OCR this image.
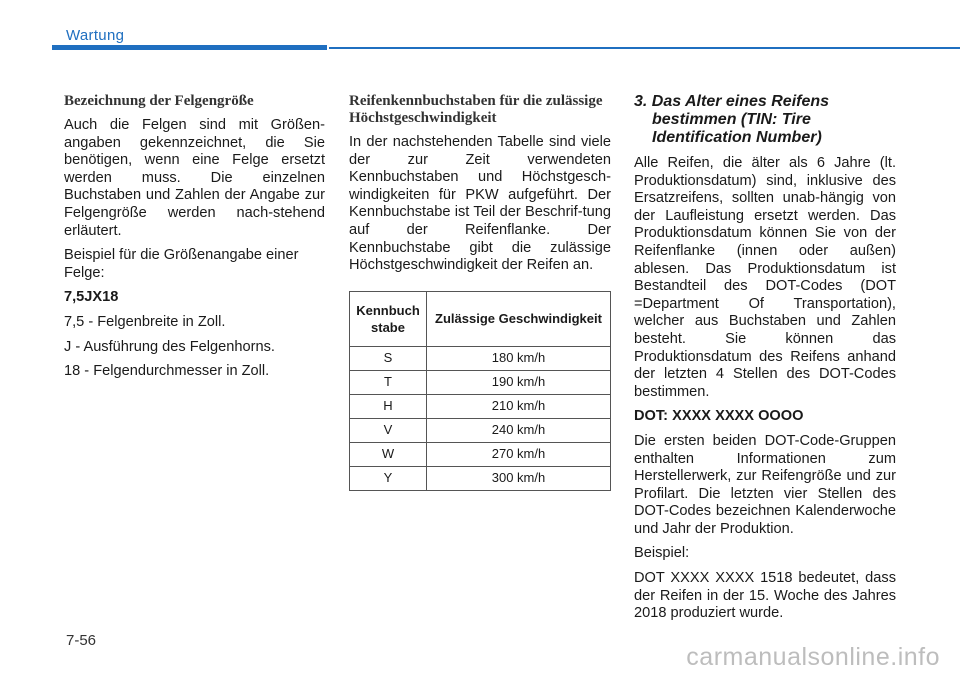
Wartung
Bezeichnung der Felgengröße

Auch die Felgen sind mit Größen-angaben gekennzeichnet, die Sie benötigen, wenn eine Felge ersetzt werden muss. Die einzelnen Buchstaben und Zahlen der Angabe zur Felgengröße werden nach-stehend erläutert.

Beispiel für die Größenangabe einer Felge:

7,5JX18

7,5 - Felgenbreite in Zoll.

J - Ausführung des Felgenhorns.

18 - Felgendurchmesser in Zoll.

Reifenkennbuchstaben für die zulässige Höchstgeschwindigkeit

In der nachstehenden Tabelle sind viele der zur Zeit verwendeten Kennbuchstaben und Höchstgesch-windigkeiten für PKW aufgeführt. Der Kennbuchstabe ist Teil der Beschrif-tung auf der Reifenflanke. Der Kennbuchstabe gibt die zulässige Höchstgeschwindigkeit der Reifen an.

Kennbuch stabe	Zulässige Geschwindigkeit
S	180 km/h
T	190 km/h
H	210 km/h
V	240 km/h
W	270 km/h
Y	300 km/h
3. Das Alter eines Reifens bestimmen (TIN: Tire Identification Number)

Alle Reifen, die älter als 6 Jahre (lt. Produktionsdatum) sind, inklusive des Ersatzreifens, sollten unab-hängig von der Laufleistung ersetzt werden. Das Produktionsdatum können Sie von der Reifenflanke (innen oder außen) ablesen. Das Produktionsdatum ist Bestandteil des DOT-Codes (DOT =Department Of Transportation), welcher aus Buchstaben und Zahlen besteht. Sie können das Produktionsdatum des Reifens anhand der letzten 4 Stellen des DOT-Codes bestimmen.

DOT: XXXX XXXX OOOO

Die ersten beiden DOT-Code-Gruppen enthalten Informationen zum Herstellerwerk, zur Reifengröße und zur Profilart. Die letzten vier Stellen des DOT-Codes bezeichnen Kalenderwoche und Jahr der Produktion.

Beispiel:

DOT XXXX XXXX 1518 bedeutet, dass der Reifen in der 15. Woche des Jahres 2018 produziert wurde.

7-56
carmanualsonline.info
